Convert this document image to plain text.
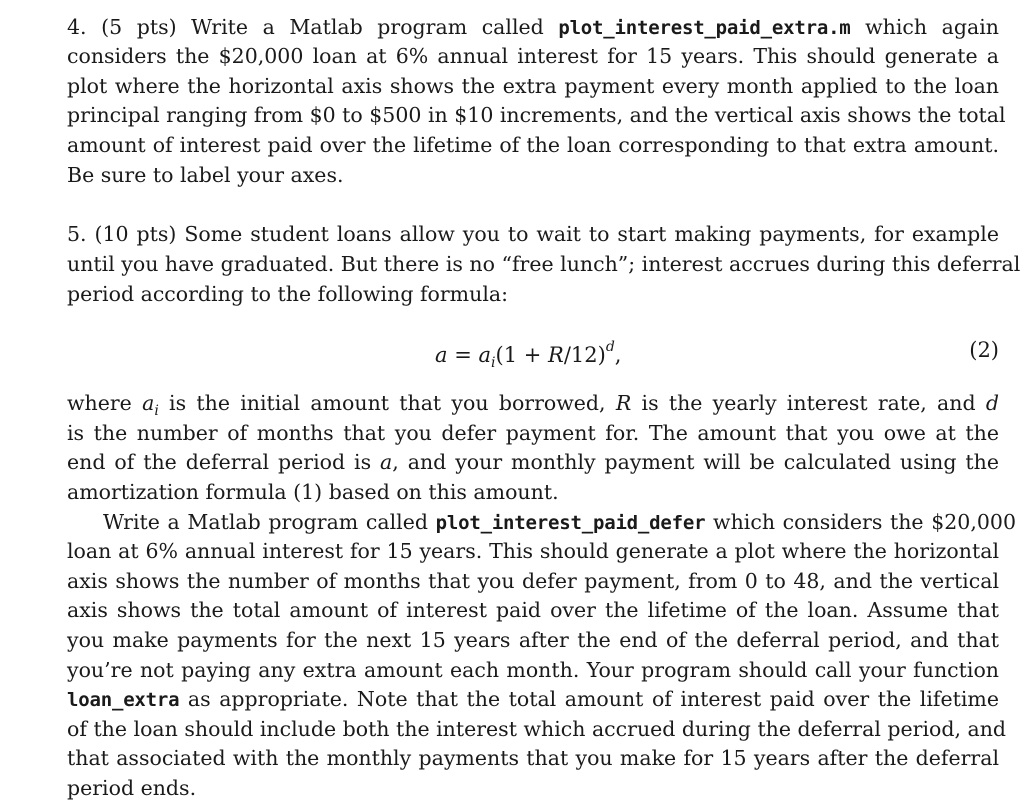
4. (5 pts) Write a Matlab program called plot_interest_paid_extra.m which again
considers the $20,000 loan at 6% annual interest for 15 years. This should generate a
plot where the horizontal axis shows the extra payment every month applied to the loan
principal ranging from $0 to $500 in $10 increments, and the vertical axis shows the total
amount of interest paid over the lifetime of the loan corresponding to that extra amount.
Be sure to label your axes.
5. (10 pts) Some student loans allow you to wait to start making payments, for example
until you have graduated. But there is no “free lunch”; interest accrues during this deferral
period according to the following formula:
$a = a_i(1 + R/12)^d$,	(2)
where $a_i$ is the initial amount that you borrowed, R is the yearly interest rate, and d
is the number of months that you defer payment for. The amount that you owe at the
end of the deferral period is a, and your monthly payment will be calculated using the
amortization formula (1) based on this amount.
Write a Matlab program called plot_interest_paid_defer which considers the $20,000
loan at 6% annual interest for 15 years. This should generate a plot where the horizontal
axis shows the number of months that you defer payment, from 0 to 48, and the vertical
axis shows the total amount of interest paid over the lifetime of the loan. Assume that
you make payments for the next 15 years after the end of the deferral period, and that
you’re not paying any extra amount each month. Your program should call your function
loan_extra as appropriate. Note that the total amount of interest paid over the lifetime
of the loan should include both the interest which accrued during the deferral period, and
that associated with the monthly payments that you make for 15 years after the deferral
period ends.
